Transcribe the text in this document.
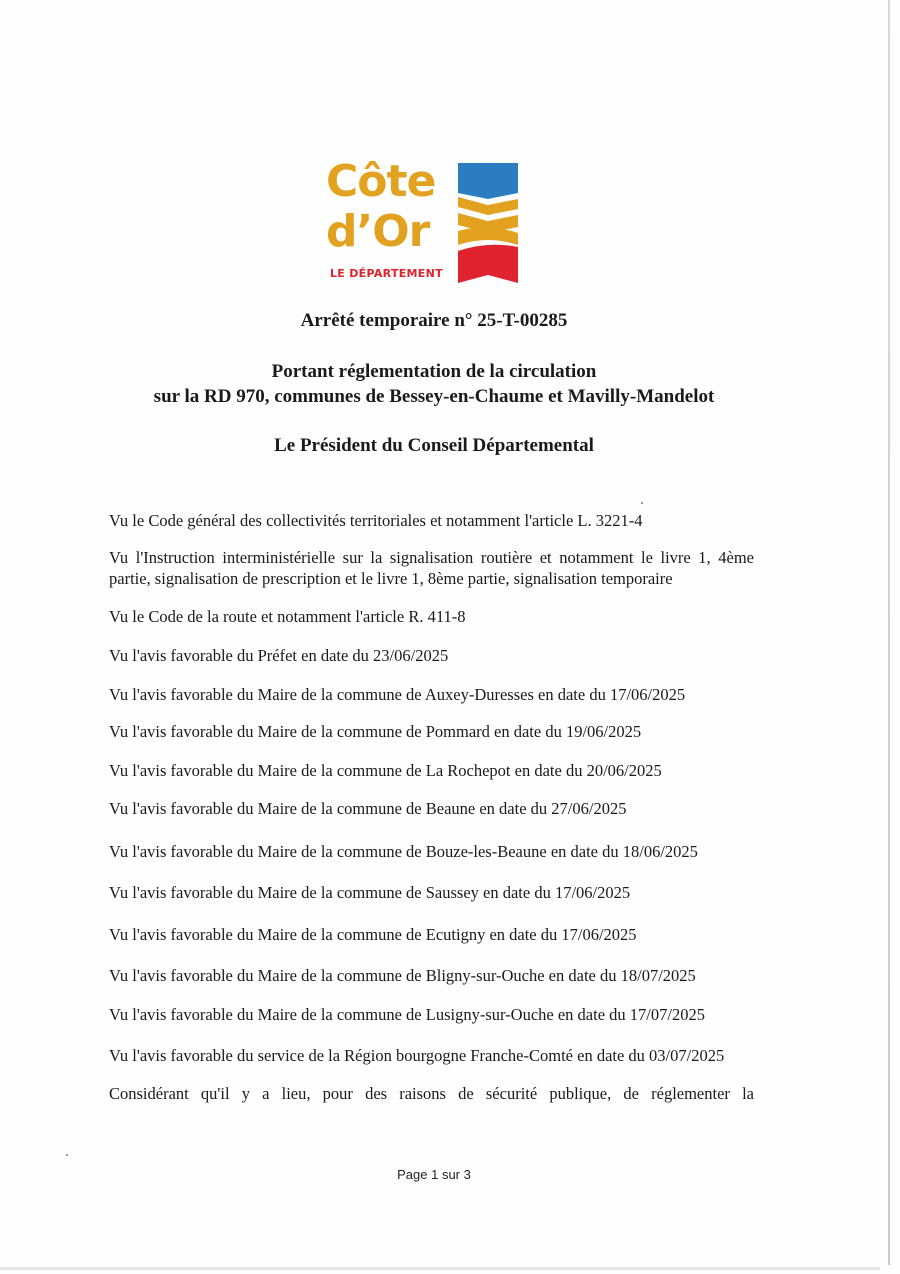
Côte
d’Or
LE DÉPARTEMENT
Arrêté temporaire n° 25-T-00285
Portant réglementation de la circulation
sur la RD 970, communes de Bessey-en-Chaume et Mavilly-Mandelot
Le Président du Conseil Départemental
Vu le Code général des collectivités territoriales et notamment l'article L. 3221-4
Vu l'Instruction interministérielle sur la signalisation routière et notamment le livre 1, 4ème partie, signalisation de prescription et le livre 1, 8ème partie, signalisation temporaire
Vu le Code de la route et notamment l'article R. 411-8
Vu l'avis favorable du Préfet en date du 23/06/2025
Vu l'avis favorable du Maire de la commune de Auxey-Duresses en date du 17/06/2025
Vu l'avis favorable du Maire de la commune de Pommard en date du 19/06/2025
Vu l'avis favorable du Maire de la commune de La Rochepot en date du 20/06/2025
Vu l'avis favorable du Maire de la commune de Beaune en date du 27/06/2025
Vu l'avis favorable du Maire de la commune de Bouze-les-Beaune en date du 18/06/2025
Vu l'avis favorable du Maire de la commune de Saussey en date du 17/06/2025
Vu l'avis favorable du Maire de la commune de Ecutigny en date du 17/06/2025
Vu l'avis favorable du Maire de la commune de Bligny-sur-Ouche en date du 18/07/2025
Vu l'avis favorable du Maire de la commune de Lusigny-sur-Ouche en date du 17/07/2025
Vu l'avis favorable du service de la Région bourgogne Franche-Comté en date du 03/07/2025
Considérant qu'il y a lieu, pour des raisons de sécurité publique, de réglementer la
Page 1 sur 3
